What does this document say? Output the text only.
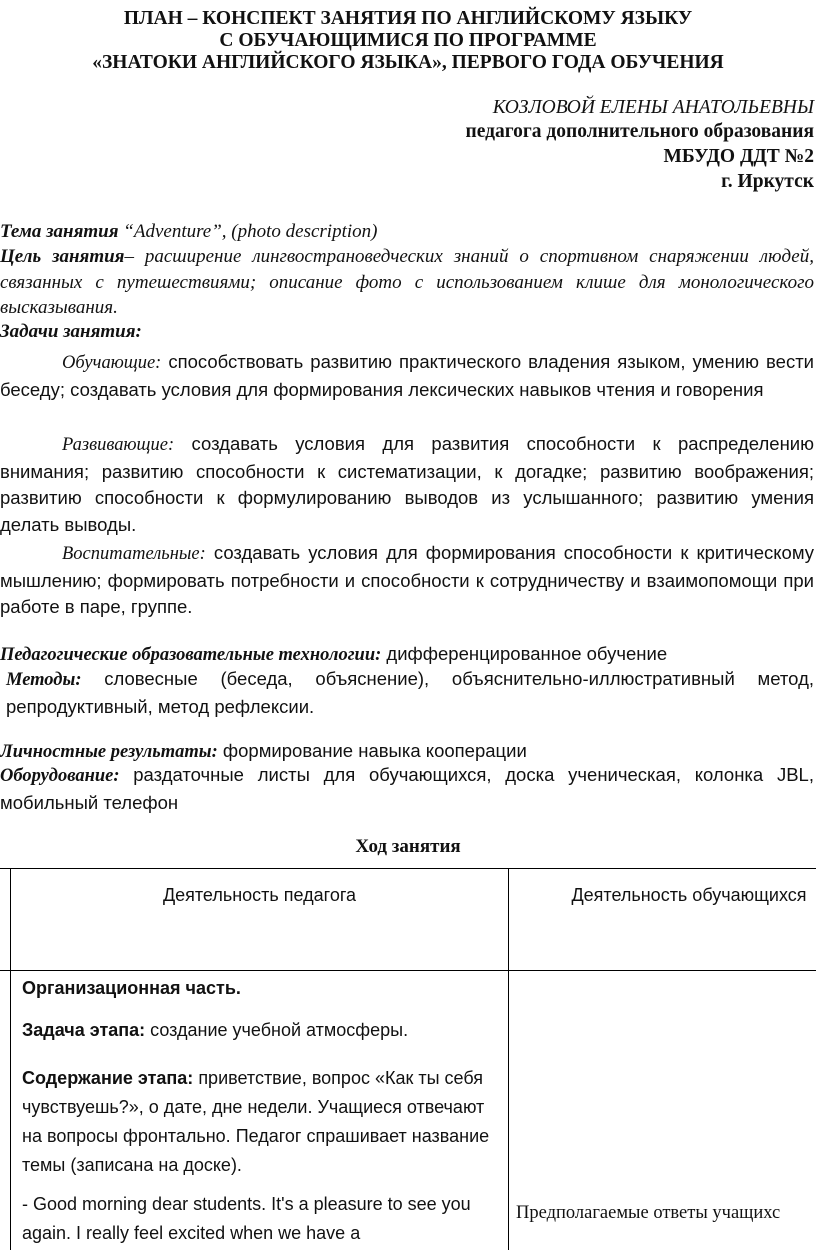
ПЛАН – КОНСПЕКТ ЗАНЯТИЯ ПО АНГЛИЙСКОМУ ЯЗЫКУ
С ОБУЧАЮЩИМИСЯ ПО ПРОГРАММЕ
«ЗНАТОКИ АНГЛИЙСКОГО ЯЗЫКА», ПЕРВОГО ГОДА ОБУЧЕНИЯ
КОЗЛОВОЙ ЕЛЕНЫ АНАТОЛЬЕВНЫ
педагога дополнительного образования
МБУДО ДДТ №2
г. Иркутск
Тема занятия “Adventure”, (photo description)
Цель занятия– расширение лингвострановедческих знаний о спортивном снаряжении людей, связанных с путешествиями; описание фото с использованием клише для монологического высказывания.
Задачи занятия:
Обучающие: способствовать развитию практического владения языком, умению вести беседу; создавать условия для формирования лексических навыков чтения и говорения
Развивающие: создавать условия для развития способности к распределению внимания; развитию способности к систематизации, к догадке; развитию воображения; развитию способности к формулированию выводов из услышанного; развитию умения делать выводы.
Воспитательные: создавать условия для формирования способности к критическому мышлению; формировать потребности и способности к сотрудничеству и взаимопомощи при работе в паре, группе.
Педагогические образовательные технологии: дифференцированное обучение
Методы: словесные (беседа, объяснение), объяснительно-иллюстративный метод, репродуктивный, метод рефлексии.
Личностные результаты: формирование навыка кооперации
Оборудование: раздаточные листы для обучающихся, доска ученическая, колонка JBL, мобильный телефон
Ход занятия
Деятельность педагога	Деятельность обучающихся
Организационная часть.
Задача этапа: создание учебной атмосферы.
Содержание этапа: приветствие, вопрос «Как ты себя чувствуешь?», о дате, дне недели. Учащиеся отвечают на вопросы фронтально. Педагог спрашивает название темы (записана на доске).
- Good morning dear students. It's a pleasure to see you again. I really feel excited when we have a
Предполагаемые ответы учащихс
